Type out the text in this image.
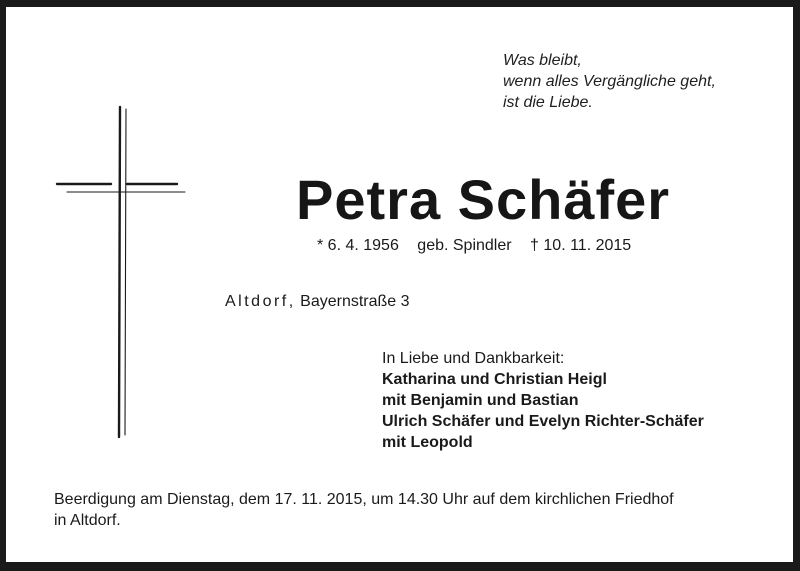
Was bleibt,
wenn alles Vergängliche geht,
ist die Liebe.
Petra Schäfer
* 6. 4. 1956 geb. Spindler † 10. 11. 2015
Altdorf, Bayernstraße 3
In Liebe und Dankbarkeit:
Katharina und Christian Heigl
mit Benjamin und Bastian
Ulrich Schäfer und Evelyn Richter-Schäfer
mit Leopold
Beerdigung am Dienstag, dem 17. 11. 2015, um 14.30 Uhr auf dem kirchlichen Friedhof
in Altdorf.
